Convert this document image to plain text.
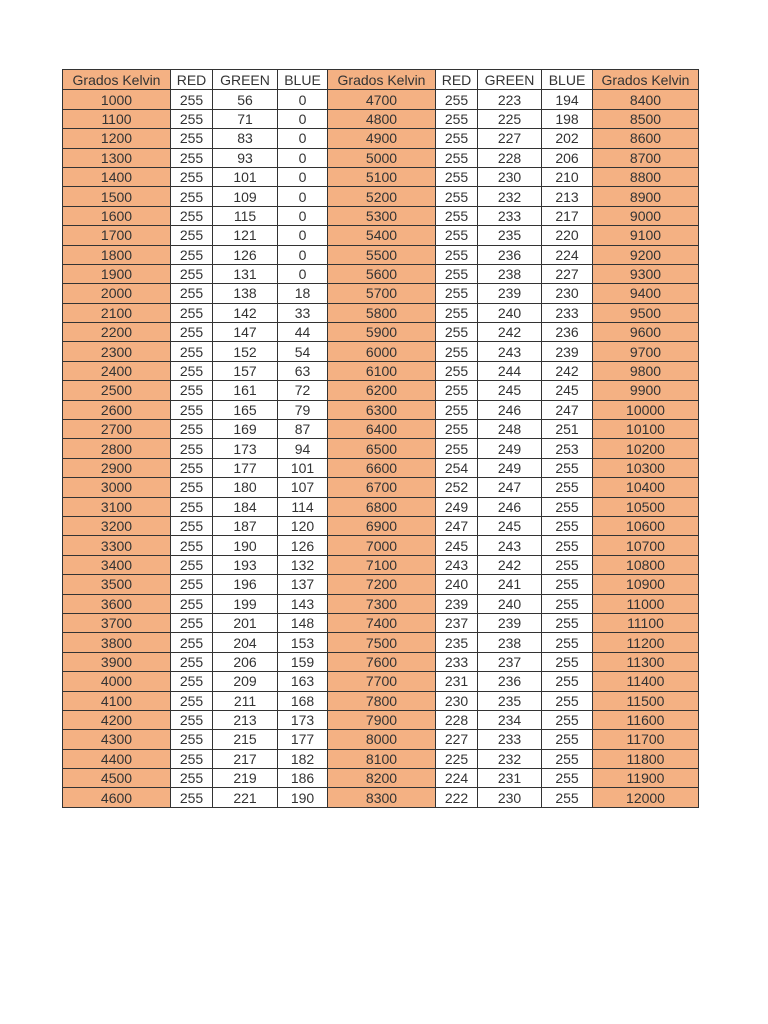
Grados Kelvin	RED	GREEN	BLUE	Grados Kelvin	RED	GREEN	BLUE	Grados Kelvin
1000	255	56	0	4700	255	223	194	8400
1100	255	71	0	4800	255	225	198	8500
1200	255	83	0	4900	255	227	202	8600
1300	255	93	0	5000	255	228	206	8700
1400	255	101	0	5100	255	230	210	8800
1500	255	109	0	5200	255	232	213	8900
1600	255	115	0	5300	255	233	217	9000
1700	255	121	0	5400	255	235	220	9100
1800	255	126	0	5500	255	236	224	9200
1900	255	131	0	5600	255	238	227	9300
2000	255	138	18	5700	255	239	230	9400
2100	255	142	33	5800	255	240	233	9500
2200	255	147	44	5900	255	242	236	9600
2300	255	152	54	6000	255	243	239	9700
2400	255	157	63	6100	255	244	242	9800
2500	255	161	72	6200	255	245	245	9900
2600	255	165	79	6300	255	246	247	10000
2700	255	169	87	6400	255	248	251	10100
2800	255	173	94	6500	255	249	253	10200
2900	255	177	101	6600	254	249	255	10300
3000	255	180	107	6700	252	247	255	10400
3100	255	184	114	6800	249	246	255	10500
3200	255	187	120	6900	247	245	255	10600
3300	255	190	126	7000	245	243	255	10700
3400	255	193	132	7100	243	242	255	10800
3500	255	196	137	7200	240	241	255	10900
3600	255	199	143	7300	239	240	255	11000
3700	255	201	148	7400	237	239	255	11100
3800	255	204	153	7500	235	238	255	11200
3900	255	206	159	7600	233	237	255	11300
4000	255	209	163	7700	231	236	255	11400
4100	255	211	168	7800	230	235	255	11500
4200	255	213	173	7900	228	234	255	11600
4300	255	215	177	8000	227	233	255	11700
4400	255	217	182	8100	225	232	255	11800
4500	255	219	186	8200	224	231	255	11900
4600	255	221	190	8300	222	230	255	12000
